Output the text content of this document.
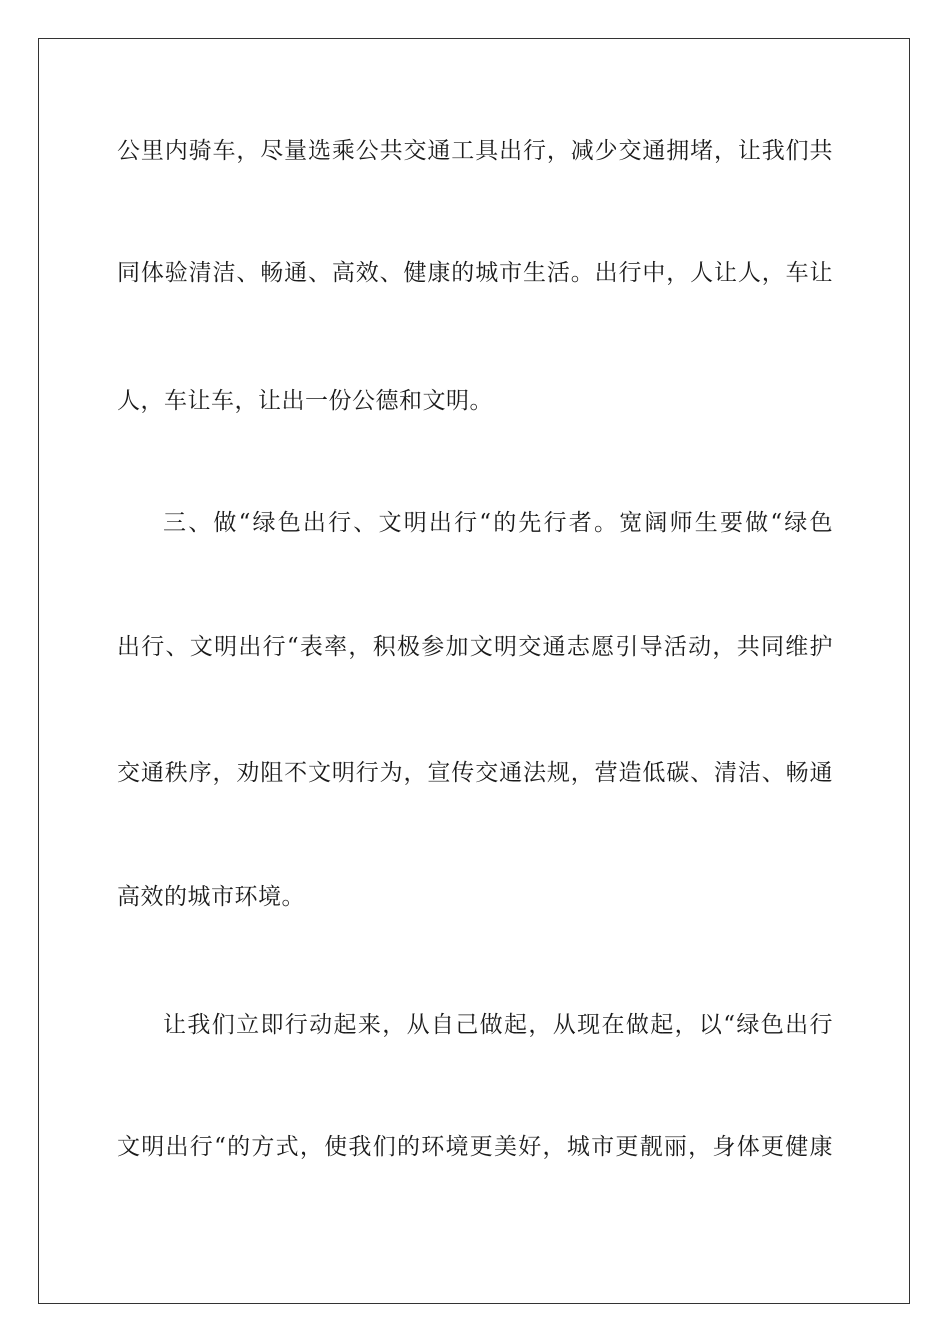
公里内骑车，尽量选乘公共交通工具出行，减少交通拥堵，让我们共
同体验清洁、畅通、高效、健康的城市生活。出行中，人让人，车让
人，车让车，让出一份公德和文明。
三、做“绿色出行、文明出行“的先行者。宽阔师生要做“绿色
出行、文明出行“表率，积极参加文明交通志愿引导活动，共同维护
交通秩序，劝阻不文明行为，宣传交通法规，营造低碳、清洁、畅通
高效的城市环境。
让我们立即行动起来，从自己做起，从现在做起，以“绿色出行
文明出行“的方式，使我们的环境更美好，城市更靓丽，身体更健康
